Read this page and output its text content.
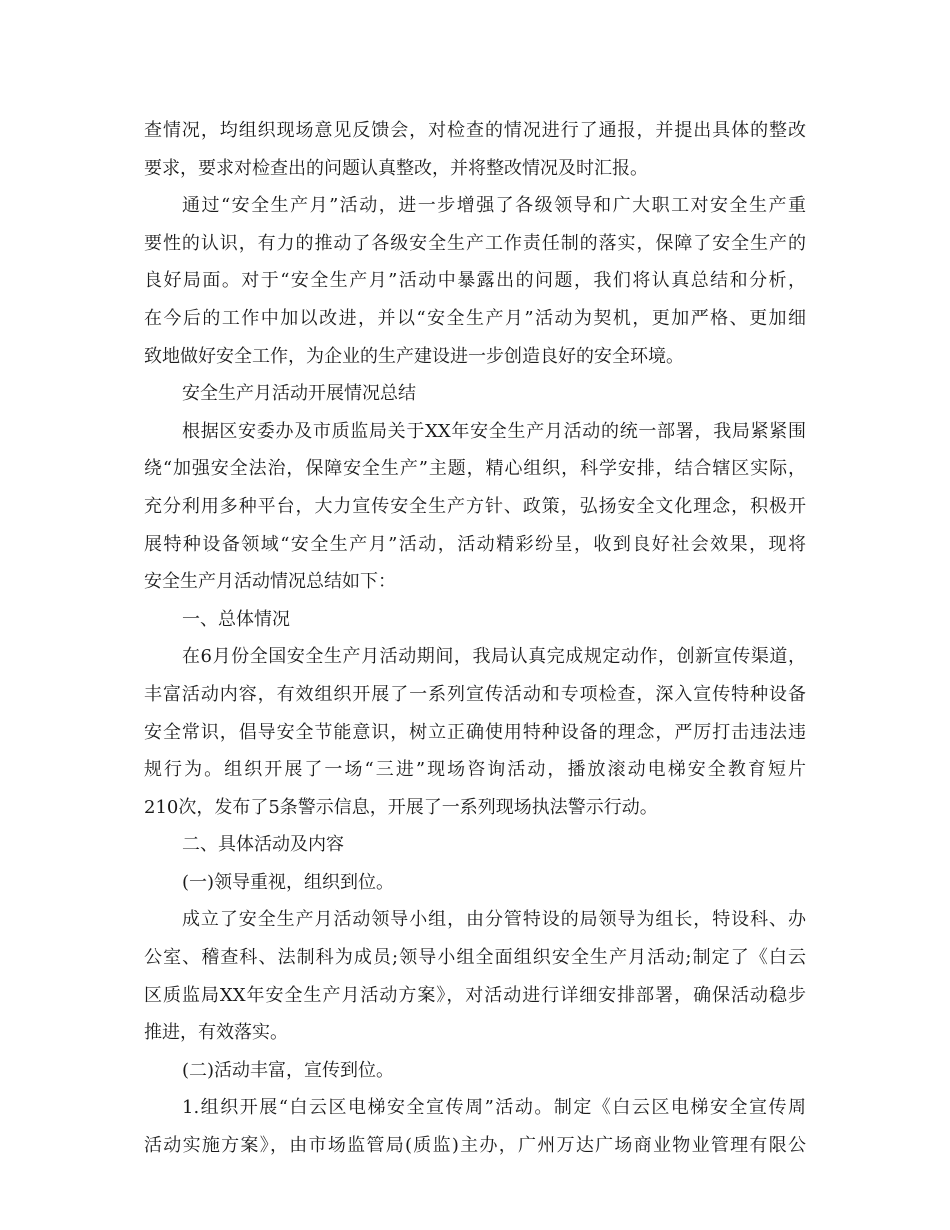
查情况，均组织现场意见反馈会，对检查的情况进行了通报，并提出具体的整改
要求，要求对检查出的问题认真整改，并将整改情况及时汇报。
通过“安全生产月”活动，进一步增强了各级领导和广大职工对安全生产重
要性的认识，有力的推动了各级安全生产工作责任制的落实，保障了安全生产的
良好局面。对于“安全生产月”活动中暴露出的问题，我们将认真总结和分析，
在今后的工作中加以改进，并以“安全生产月”活动为契机，更加严格、更加细
致地做好安全工作，为企业的生产建设进一步创造良好的安全环境。
安全生产月活动开展情况总结
根据区安委办及市质监局关于XX年安全生产月活动的统一部署，我局紧紧围
绕“加强安全法治，保障安全生产”主题，精心组织，科学安排，结合辖区实际，
充分利用多种平台，大力宣传安全生产方针、政策，弘扬安全文化理念，积极开
展特种设备领域“安全生产月”活动，活动精彩纷呈，收到良好社会效果，现将
安全生产月活动情况总结如下：
一、总体情况
在6月份全国安全生产月活动期间，我局认真完成规定动作，创新宣传渠道，
丰富活动内容，有效组织开展了一系列宣传活动和专项检查，深入宣传特种设备
安全常识，倡导安全节能意识，树立正确使用特种设备的理念，严厉打击违法违
规行为。组织开展了一场“三进”现场咨询活动，播放滚动电梯安全教育短片
210次，发布了5条警示信息，开展了一系列现场执法警示行动。
二、具体活动及内容
(一)领导重视，组织到位。
成立了安全生产月活动领导小组，由分管特设的局领导为组长，特设科、办
公室、稽查科、法制科为成员;领导小组全面组织安全生产月活动;制定了《白云
区质监局XX年安全生产月活动方案》，对活动进行详细安排部署，确保活动稳步
推进，有效落实。
(二)活动丰富，宣传到位。
1.组织开展“白云区电梯安全宣传周”活动。制定《白云区电梯安全宣传周
活动实施方案》，由市场监管局(质监)主办，广州万达广场商业物业管理有限公
